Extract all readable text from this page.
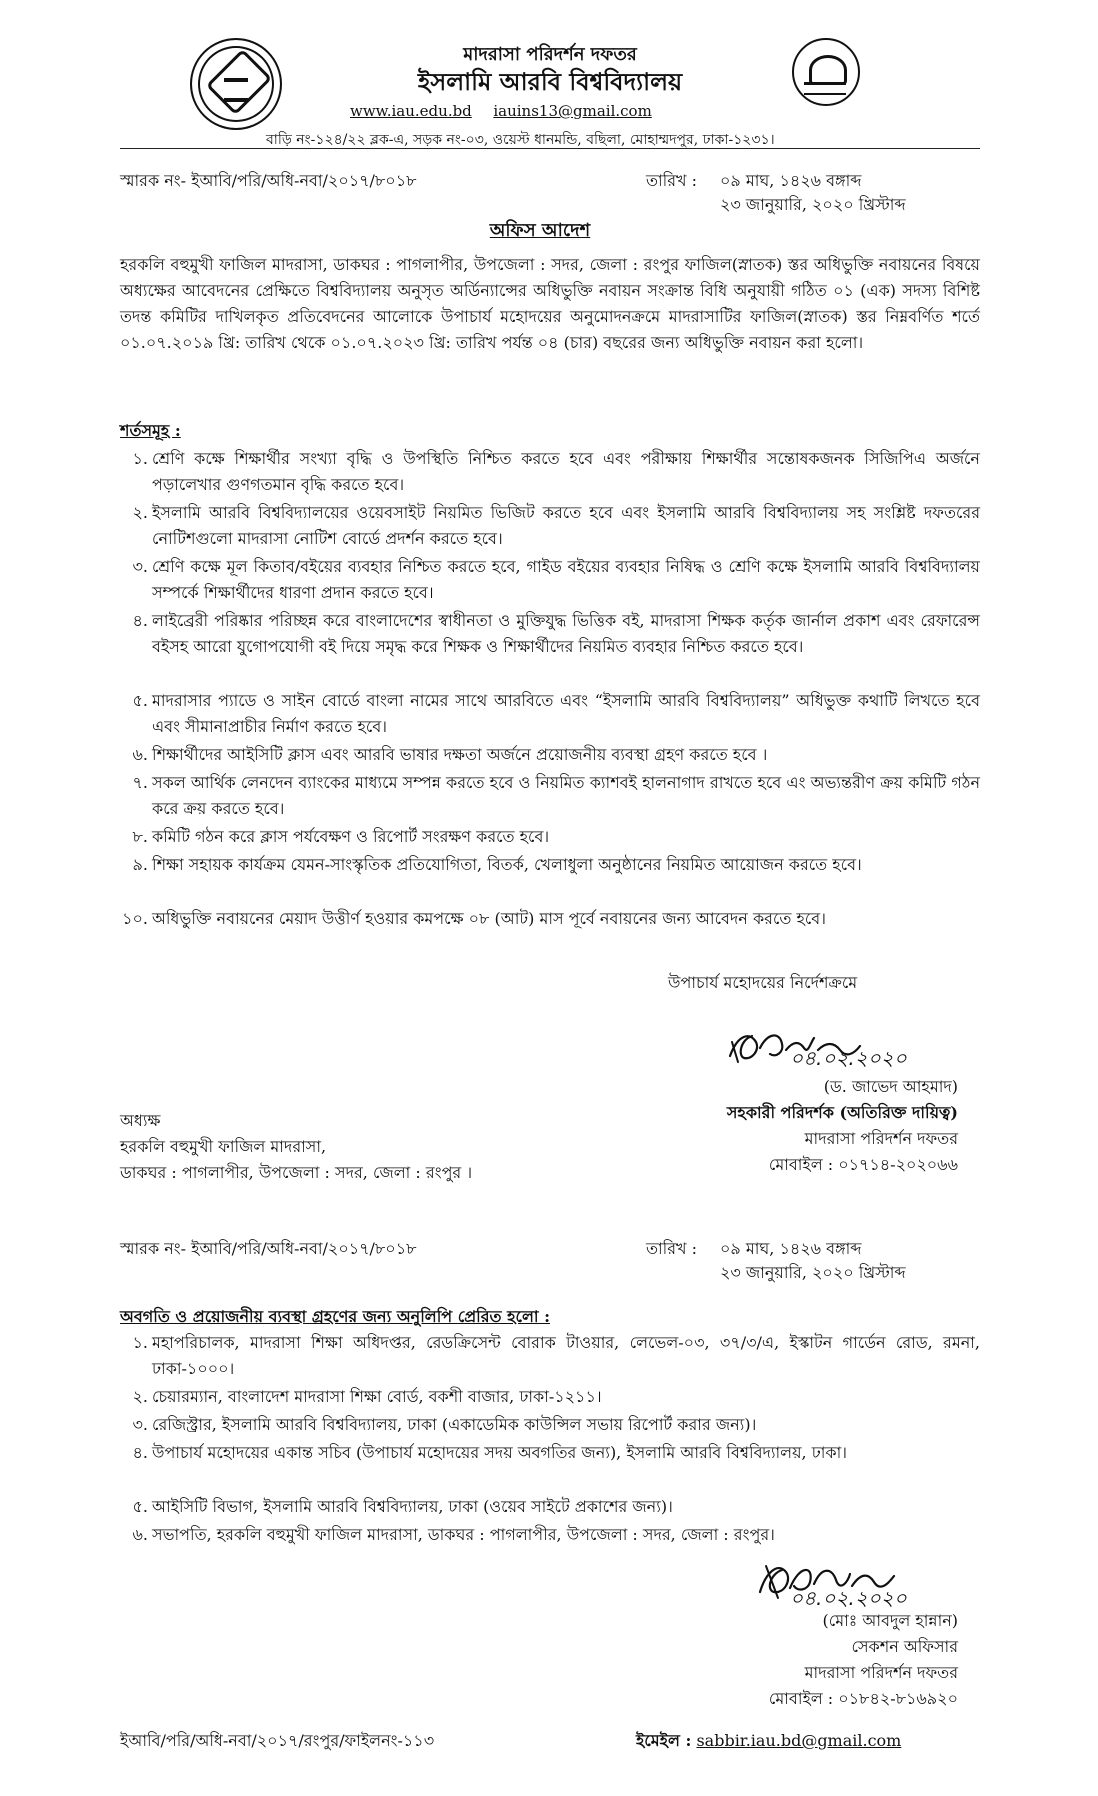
মাদরাসা পরিদর্শন দফতর
ইসলামি আরবি বিশ্ববিদ্যালয়
www.iau.edu.bd iauins13@gmail.com
বাড়ি নং-১২৪/২২ ব্লক-এ, সড়ক নং-০৩, ওয়েস্ট ধানমন্ডি, বছিলা, মোহাম্মদপুর, ঢাকা-১২৩১।
স্মারক নং- ইআবি/পরি/অধি-নবা/২০১৭/৮০১৮	তারিখ :	০৯ মাঘ, ১৪২৬ বঙ্গাব্দ
২৩ জানুয়ারি, ২০২০ খ্রিস্টাব্দ
অফিস আদেশ
হরকলি বহুমুখী ফাজিল মাদরাসা, ডাকঘর : পাগলাপীর, উপজেলা : সদর, জেলা : রংপুর ফাজিল(স্নাতক) স্তর অধিভুক্তি নবায়নের বিষয়ে অধ্যক্ষের আবেদনের প্রেক্ষিতে বিশ্ববিদ্যালয় অনুসৃত অর্ডিন্যান্সের অধিভুক্তি নবায়ন সংক্রান্ত বিধি অনুযায়ী গঠিত ০১ (এক) সদস্য বিশিষ্ট তদন্ত কমিটির দাখিলকৃত প্রতিবেদনের আলোকে উপাচার্য মহোদয়ের অনুমোদনক্রমে মাদরাসাটির ফাজিল(স্নাতক) স্তর নিম্নবর্ণিত শর্তে ০১.০৭.২০১৯ খ্রি: তারিখ থেকে ০১.০৭.২০২৩ খ্রি: তারিখ পর্যন্ত ০৪ (চার) বছরের জন্য অধিভুক্তি নবায়ন করা হলো।
শর্তসমূহ :
১. শ্রেণি কক্ষে শিক্ষার্থীর সংখ্যা বৃদ্ধি ও উপস্থিতি নিশ্চিত করতে হবে এবং পরীক্ষায় শিক্ষার্থীর সন্তোষকজনক সিজিপিএ অর্জনে পড়ালেখার গুণগতমান বৃদ্ধি করতে হবে।
২. ইসলামি আরবি বিশ্ববিদ্যালয়ের ওয়েবসাইট নিয়মিত ভিজিট করতে হবে এবং ইসলামি আরবি বিশ্ববিদ্যালয় সহ সংশ্লিষ্ট দফতরের নোটিশগুলো মাদরাসা নোটিশ বোর্ডে প্রদর্শন করতে হবে।
৩. শ্রেণি কক্ষে মূল কিতাব/বইয়ের ব্যবহার নিশ্চিত করতে হবে, গাইড বইয়ের ব্যবহার নিষিদ্ধ ও শ্রেণি কক্ষে ইসলামি আরবি বিশ্ববিদ্যালয় সম্পর্কে শিক্ষার্থীদের ধারণা প্রদান করতে হবে।
৪. লাইব্রেরী পরিষ্কার পরিচ্ছন্ন করে বাংলাদেশের স্বাধীনতা ও মুক্তিযুদ্ধ ভিত্তিক বই, মাদরাসা শিক্ষক কর্তৃক জার্নাল প্রকাশ এবং রেফারেন্স বইসহ আরো যুগোপযোগী বই দিয়ে সমৃদ্ধ করে শিক্ষক ও শিক্ষার্থীদের নিয়মিত ব্যবহার নিশ্চিত করতে হবে।
৫. মাদরাসার প্যাডে ও সাইন বোর্ডে বাংলা নামের সাথে আরবিতে এবং “ইসলামি আরবি বিশ্ববিদ্যালয়” অধিভুক্ত কথাটি লিখতে হবে এবং সীমানাপ্রাচীর নির্মাণ করতে হবে।
৬. শিক্ষার্থীদের আইসিটি ক্লাস এবং আরবি ভাষার দক্ষতা অর্জনে প্রয়োজনীয় ব্যবস্থা গ্রহণ করতে হবে ।
৭. সকল আর্থিক লেনদেন ব্যাংকের মাধ্যমে সম্পন্ন করতে হবে ও নিয়মিত ক্যাশবই হালনাগাদ রাখতে হবে এং অভ্যন্তরীণ ক্রয় কমিটি গঠন করে ক্রয় করতে হবে।
৮. কমিটি গঠন করে ক্লাস পর্যবেক্ষণ ও রিপোর্ট সংরক্ষণ করতে হবে।
৯. শিক্ষা সহায়ক কার্যক্রম যেমন-সাংস্কৃতিক প্রতিযোগিতা, বিতর্ক, খেলাধুলা অনুষ্ঠানের নিয়মিত আয়োজন করতে হবে।
১০. অধিভুক্তি নবায়নের মেয়াদ উত্তীর্ণ হওয়ার কমপক্ষে ০৮ (আট) মাস পূর্বে নবায়নের জন্য আবেদন করতে হবে।
উপাচার্য মহোদয়ের নির্দেশক্রমে
০৪.০২.২০২০
(ড. জাভেদ আহমাদ)
সহকারী পরিদর্শক (অতিরিক্ত দায়িত্ব)
মাদরাসা পরিদর্শন দফতর
মোবাইল : ০১৭১৪-২০২০৬৬
অধ্যক্ষ
হরকলি বহুমুখী ফাজিল মাদরাসা,
ডাকঘর : পাগলাপীর, উপজেলা : সদর, জেলা : রংপুর ।
স্মারক নং- ইআবি/পরি/অধি-নবা/২০১৭/৮০১৮	তারিখ :	০৯ মাঘ, ১৪২৬ বঙ্গাব্দ
২৩ জানুয়ারি, ২০২০ খ্রিস্টাব্দ
অবগতি ও প্রয়োজনীয় ব্যবস্থা গ্রহণের জন্য অনুলিপি প্রেরিত হলো :
১. মহাপরিচালক, মাদরাসা শিক্ষা অধিদপ্তর, রেডক্রিসেন্ট বোরাক টাওয়ার, লেভেল-০৩, ৩৭/৩/এ, ইস্কাটন গার্ডেন রোড, রমনা, ঢাকা-১০০০।
২. চেয়ারম্যান, বাংলাদেশ মাদরাসা শিক্ষা বোর্ড, বকশী বাজার, ঢাকা-১২১১।
৩. রেজিস্ট্রার, ইসলামি আরবি বিশ্ববিদ্যালয়, ঢাকা (একাডেমিক কাউন্সিল সভায় রিপোর্ট করার জন্য)।
৪. উপাচার্য মহোদয়ের একান্ত সচিব (উপাচার্য মহোদয়ের সদয় অবগতির জন্য), ইসলামি আরবি বিশ্ববিদ্যালয়, ঢাকা।
৫. আইসিটি বিভাগ, ইসলামি আরবি বিশ্ববিদ্যালয়, ঢাকা (ওয়েব সাইটে প্রকাশের জন্য)।
৬. সভাপতি, হরকলি বহুমুখী ফাজিল মাদরাসা, ডাকঘর : পাগলাপীর, উপজেলা : সদর, জেলা : রংপুর।
০৪.০২.২০২০
(মোঃ আবদুল হান্নান)
সেকশন অফিসার
মাদরাসা পরিদর্শন দফতর
মোবাইল : ০১৮৪২-৮১৬৯২০
ইআবি/পরি/অধি-নবা/২০১৭/রংপুর/ফাইলনং-১১৩	ইমেইল : sabbir.iau.bd@gmail.com
